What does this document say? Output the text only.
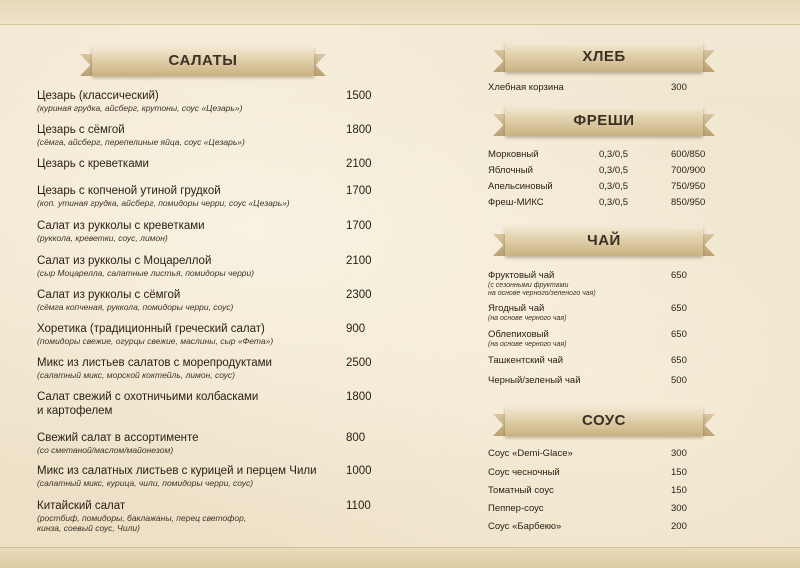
САЛАТЫ
Цезарь (классический)
(куриная грудка, айсберг, крутоны, соус «Цезарь»)
1500
Цезарь с сёмгой
(сёмга, айсберг, перепелиные яйца, соус «Цезарь»)
1800
Цезарь с креветками	2100
Цезарь с копченой утиной грудкой
(коп. утиная грудка, айсберг, помидоры черри, соус «Цезарь»)
1700
Салат из рукколы с креветками
(руккола, креветки, соус, лимон)
1700
Салат из рукколы с Моцареллой
(сыр Моцарелла, салатные листья, помидоры черри)
2100
Салат из рукколы с сёмгой
(сёмга копченая, руккола, помидоры черри, соус)
2300
Хоретика (традиционный греческий салат)
(помидоры свежие, огурцы свежие, маслины, сыр «Фета»)
900
Микс из листьев салатов с морепродуктами
(салатный микс, морской коктейль, лимон, соус)
2500
Салат свежий с охотничьими колбасками
и картофелем
1800
Свежий салат в ассортименте
(со сметаной/маслом/майонезом)
800
Микс из салатных листьев с курицей и перцем Чили
(салатный микс, курица, чили, помидоры черри, соус)
1000
Китайский салат
(ростбиф, помидоры, баклажаны, перец светофор,
кинза, соевый соус, Чили)
1100
ХЛЕБ
Хлебная корзина	300
ФРЕШИ
Морковный	0,3/0,5	600/850
Яблочный	0,3/0,5	700/900
Апельсиновый	0,3/0,5	750/950
Фреш-МИКС	0,3/0,5	850/950
ЧАЙ
Фруктовый чай
(с сезонными фруктами
на основе черного/зеленого чая)
650
Ягодный чай
(на основе черного чая)
650
Облепиховый
(на основе черного чая)
650
Ташкентский чай	650
Черный/зеленый чай	500
СОУС
Соус «Demi-Glace»	300
Соус чесночный	150
Томатный соус	150
Пеппер-соус	300
Соус «Барбекю»	200
